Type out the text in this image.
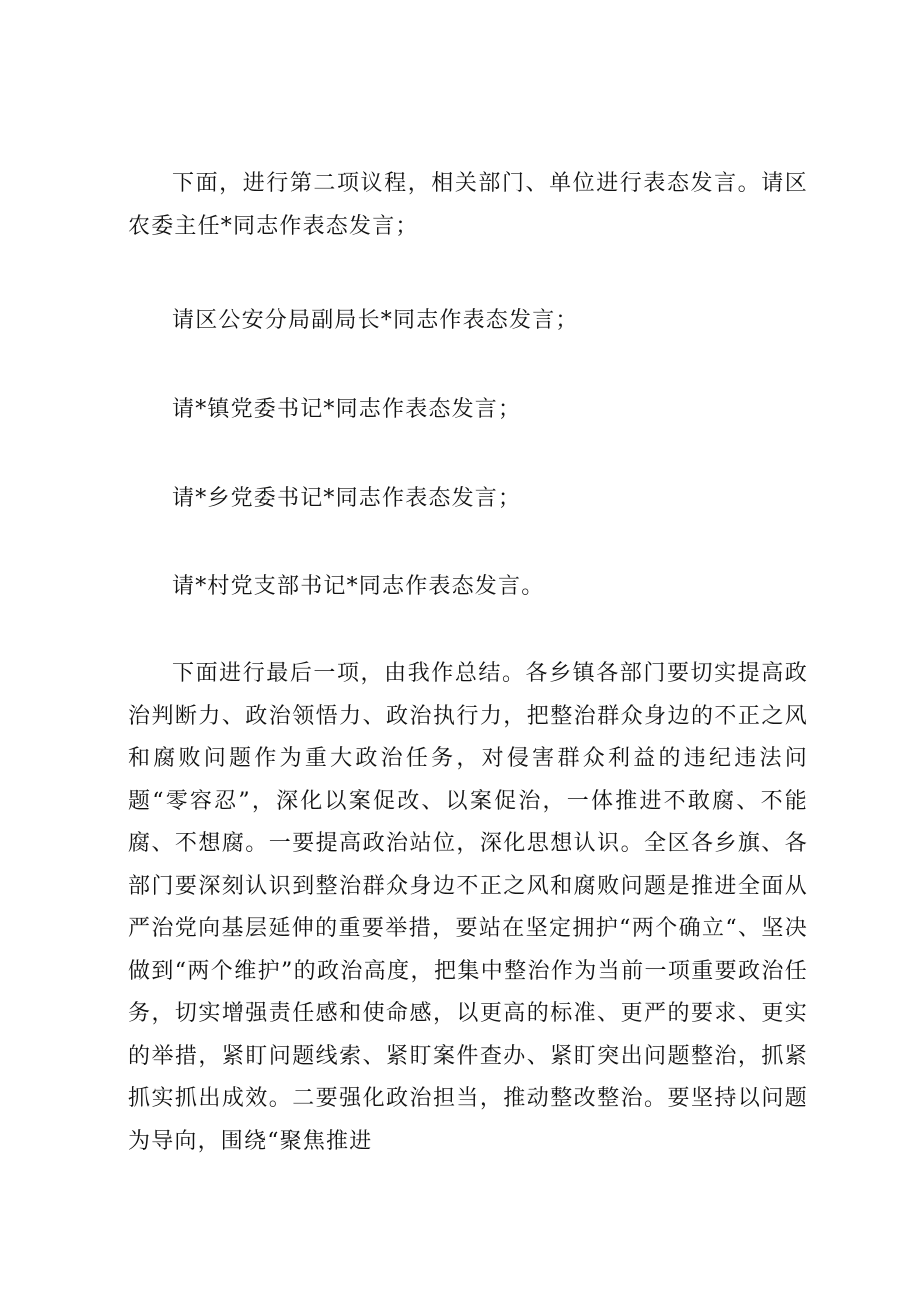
下面，进行第二项议程，相关部门、单位进行表态发言。请区农委主任*同志作表态发言；

请区公安分局副局长*同志作表态发言；

请*镇党委书记*同志作表态发言；

请*乡党委书记*同志作表态发言；

请*村党支部书记*同志作表态发言。

下面进行最后一项，由我作总结。各乡镇各部门要切实提高政治判断力、政治领悟力、政治执行力，把整治群众身边的不正之风和腐败问题作为重大政治任务，对侵害群众利益的违纪违法问题“零容忍”，深化以案促改、以案促治，一体推进不敢腐、不能腐、不想腐。一要提高政治站位，深化思想认识。全区各乡旗、各部门要深刻认识到整治群众身边不正之风和腐败问题是推进全面从严治党向基层延伸的重要举措，要站在坚定拥护“两个确立“、坚决做到“两个维护”的政治高度，把集中整治作为当前一项重要政治任务，切实增强责任感和使命感，以更高的标准、更严的要求、更实的举措，紧盯问题线索、紧盯案件查办、紧盯突出问题整治，抓紧抓实抓出成效。二要强化政治担当，推动整改整治。要坚持以问题为导向，围绕“聚焦推进
